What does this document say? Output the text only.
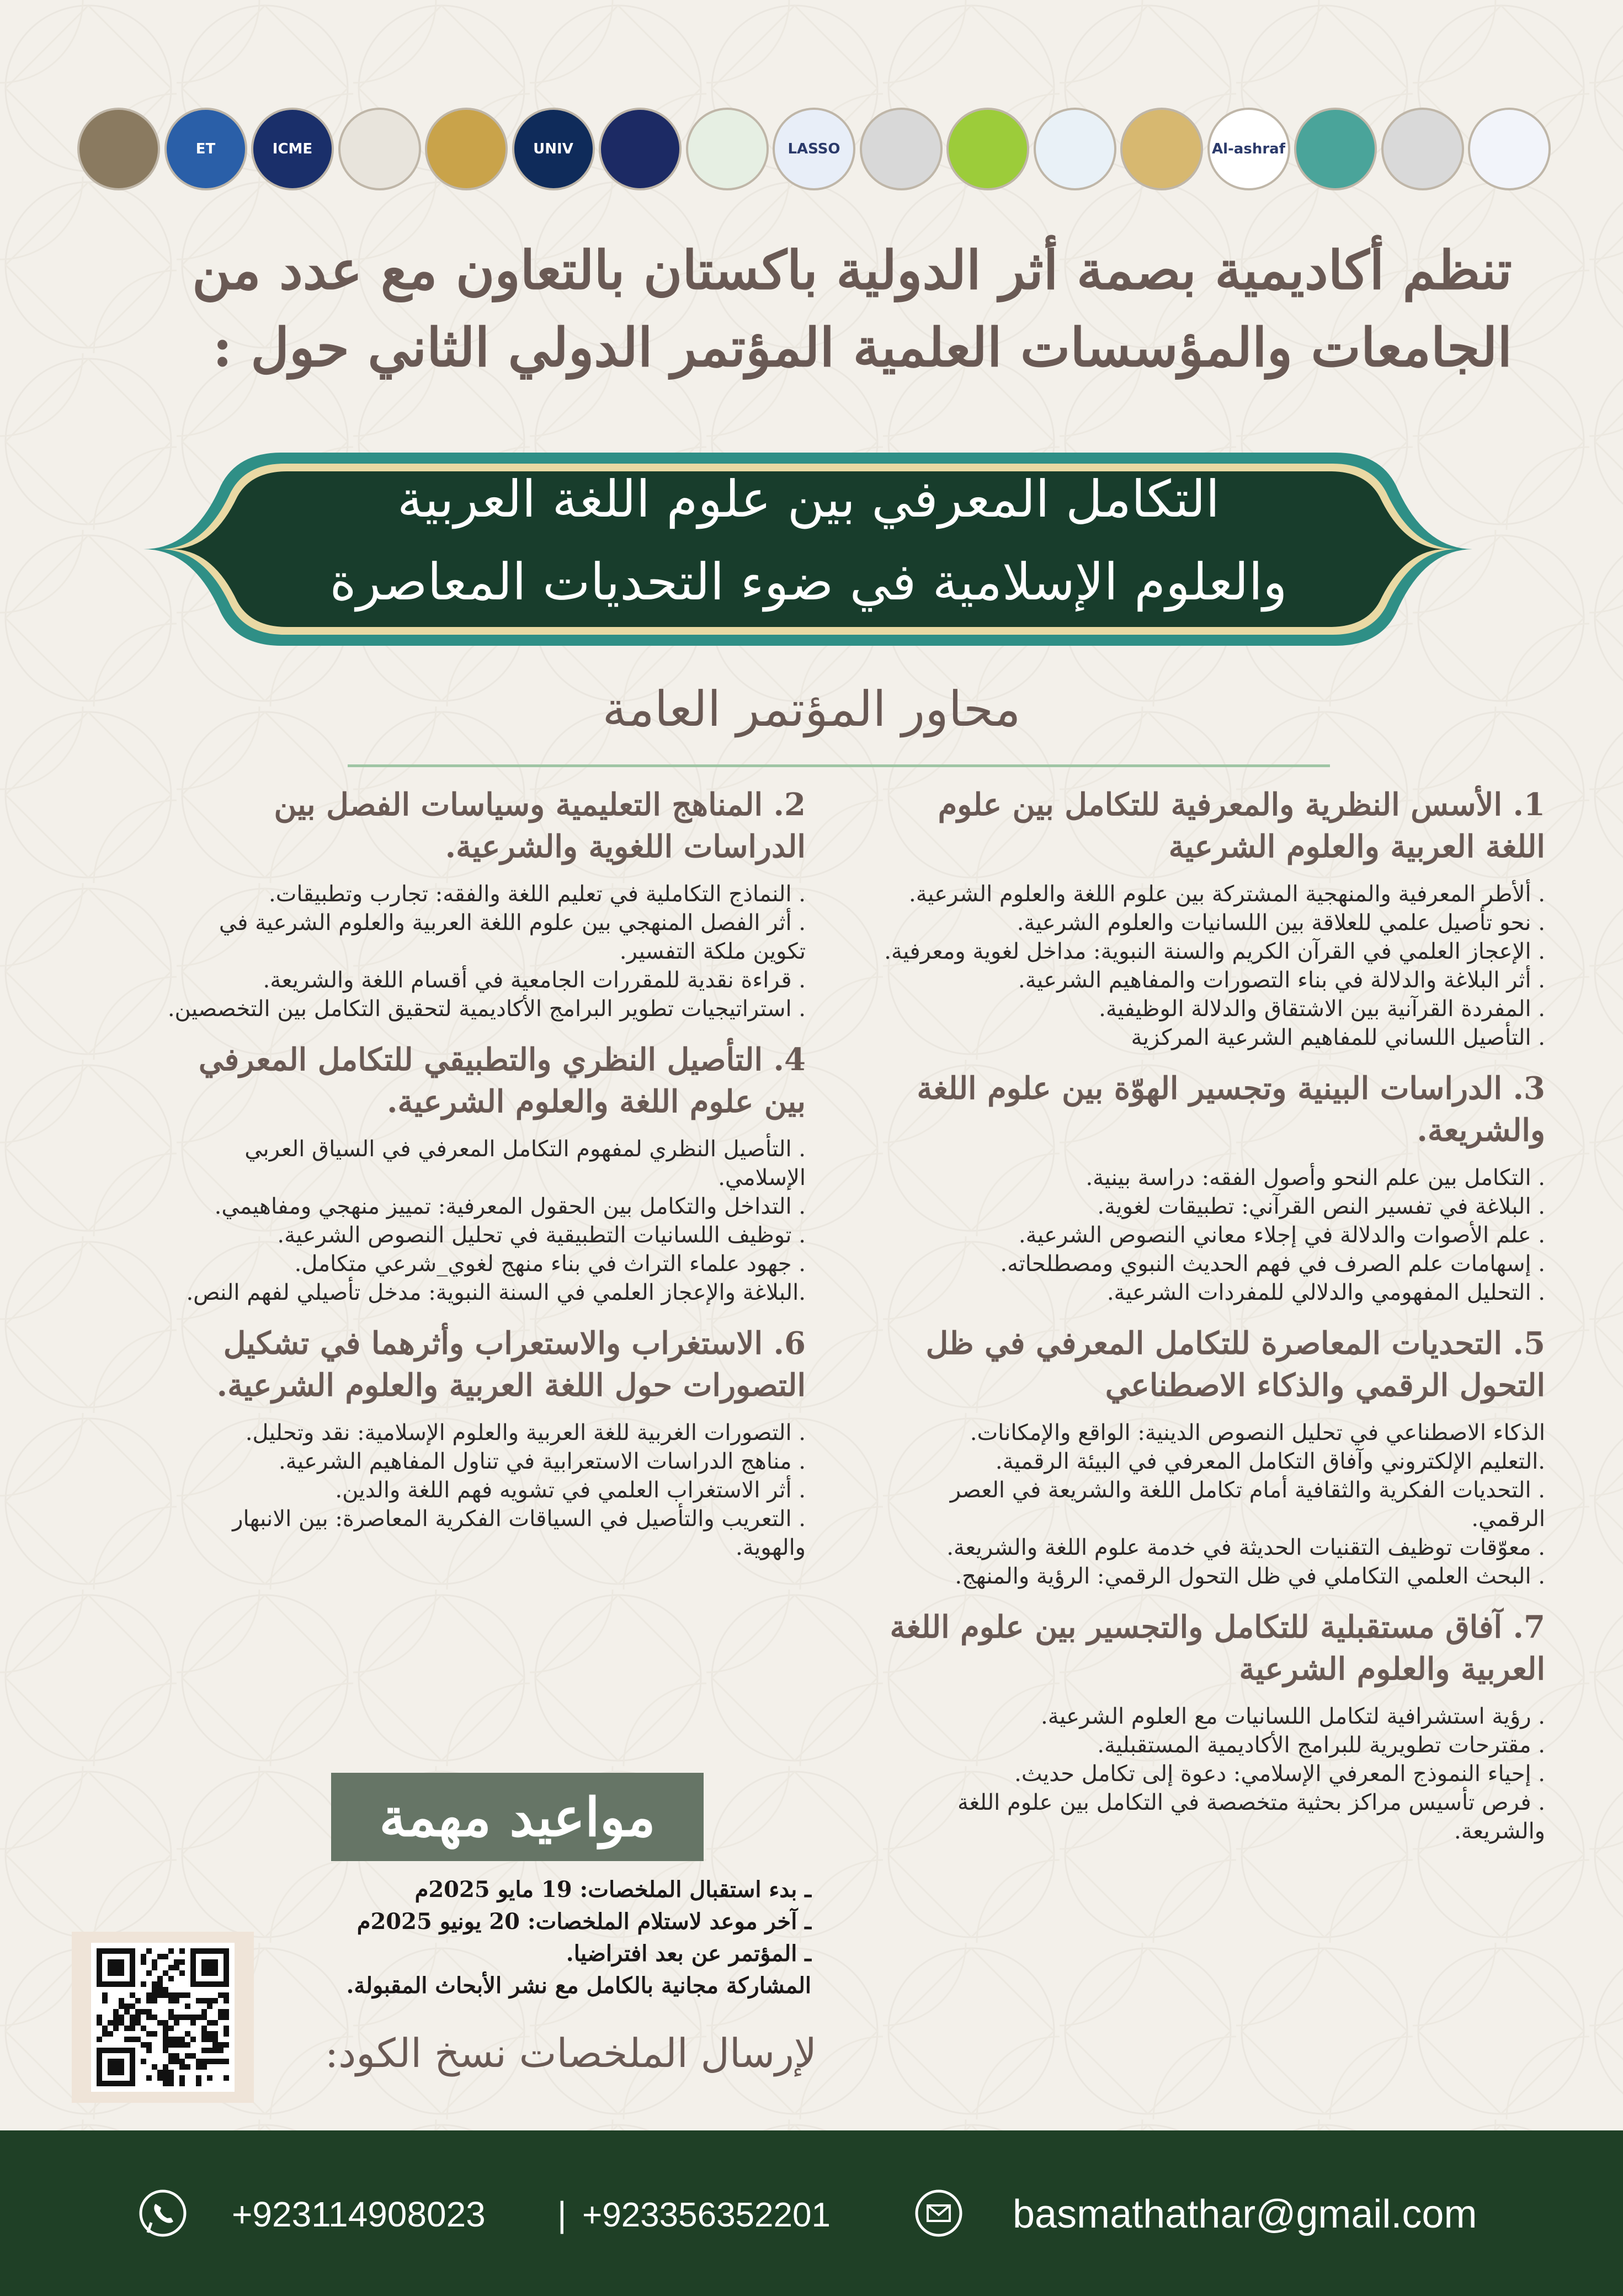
ET	ICME	UNIV	LASSO	Al-ashraf
تنظم أكاديمية بصمة أثر الدولية باكستان بالتعاون مع عدد من
الجامعات والمؤسسات العلمية المؤتمر الدولي الثاني حول :
التكامل المعرفي بين علوم اللغة العربية
والعلوم الإسلامية في ضوء التحديات المعاصرة
محاور المؤتمر العامة
1. الأسس النظرية والمعرفية للتكامل بين علوم اللغة العربية والعلوم الشرعية
. ألأطر المعرفية والمنهجية المشتركة بين علوم اللغة والعلوم الشرعية.
. نحو تأصيل علمي للعلاقة بين اللسانيات والعلوم الشرعية.
. الإعجاز العلمي في القرآن الكريم والسنة النبوية: مداخل لغوية ومعرفية.
. أثر البلاغة والدلالة في بناء التصورات والمفاهيم الشرعية.
. المفردة القرآنية بين الاشتقاق والدلالة الوظيفية.
. التأصيل اللساني للمفاهيم الشرعية المركزية
3. الدراسات البينية وتجسير الهوّة بين علوم اللغة والشريعة.
. التكامل بين علم النحو وأصول الفقه: دراسة بينية.
. البلاغة في تفسير النص القرآني: تطبيقات لغوية.
. علم الأصوات والدلالة في إجلاء معاني النصوص الشرعية.
. إسهامات علم الصرف في فهم الحديث النبوي ومصطلحاته.
. التحليل المفهومي والدلالي للمفردات الشرعية.
5. التحديات المعاصرة للتكامل المعرفي في ظل التحول الرقمي والذكاء الاصطناعي
الذكاء الاصطناعي في تحليل النصوص الدينية: الواقع والإمكانات.
.التعليم الإلكتروني وآفاق التكامل المعرفي في البيئة الرقمية.
. التحديات الفكرية والثقافية أمام تكامل اللغة والشريعة في العصر الرقمي.
. معوّقات توظيف التقنيات الحديثة في خدمة علوم اللغة والشريعة.
. البحث العلمي التكاملي في ظل التحول الرقمي: الرؤية والمنهج.
7. آفاق مستقبلية للتكامل والتجسير بين علوم اللغة العربية والعلوم الشرعية
. رؤية استشرافية لتكامل اللسانيات مع العلوم الشرعية.
. مقترحات تطويرية للبرامج الأكاديمية المستقبلية.
. إحياء النموذج المعرفي الإسلامي: دعوة إلى تكامل حديث.
. فرص تأسيس مراكز بحثية متخصصة في التكامل بين علوم اللغة والشريعة.
2. المناهج التعليمية وسياسات الفصل بين الدراسات اللغوية والشرعية.
. النماذج التكاملية في تعليم اللغة والفقه: تجارب وتطبيقات.
. أثر الفصل المنهجي بين علوم اللغة العربية والعلوم الشرعية في تكوين ملكة التفسير.
. قراءة نقدية للمقررات الجامعية في أقسام اللغة والشريعة.
. استراتيجيات تطوير البرامج الأكاديمية لتحقيق التكامل بين التخصصين.
4. التأصيل النظري والتطبيقي للتكامل المعرفي بين علوم اللغة والعلوم الشرعية.
. التأصيل النظري لمفهوم التكامل المعرفي في السياق العربي الإسلامي.
. التداخل والتكامل بين الحقول المعرفية: تمييز منهجي ومفاهيمي.
. توظيف اللسانيات التطبيقية في تحليل النصوص الشرعية.
. جهود علماء التراث في بناء منهج لغوي_شرعي متكامل.
.البلاغة والإعجاز العلمي في السنة النبوية: مدخل تأصيلي لفهم النص.
6. الاستغراب والاستعراب وأثرهما في تشكيل التصورات حول اللغة العربية والعلوم الشرعية.
. التصورات الغربية للغة العربية والعلوم الإسلامية: نقد وتحليل.
. مناهج الدراسات الاستعرابية في تناول المفاهيم الشرعية.
. أثر الاستغراب العلمي في تشويه فهم اللغة والدين.
. التعريب والتأصيل في السياقات الفكرية المعاصرة: بين الانبهار والهوية.
مواعيد مهمة
ـ بدء استقبال الملخصات: 19 مايو 2025م
ـ آخر موعد لاستلام الملخصات: 20 يونيو 2025م
ـ المؤتمر عن بعد افتراضيا.
المشاركة مجانية بالكامل مع نشر الأبحاث المقبولة.
لإرسال الملخصات نسخ الكود:
+923114908023 | +923356352201	basmathathar@gmail.com
